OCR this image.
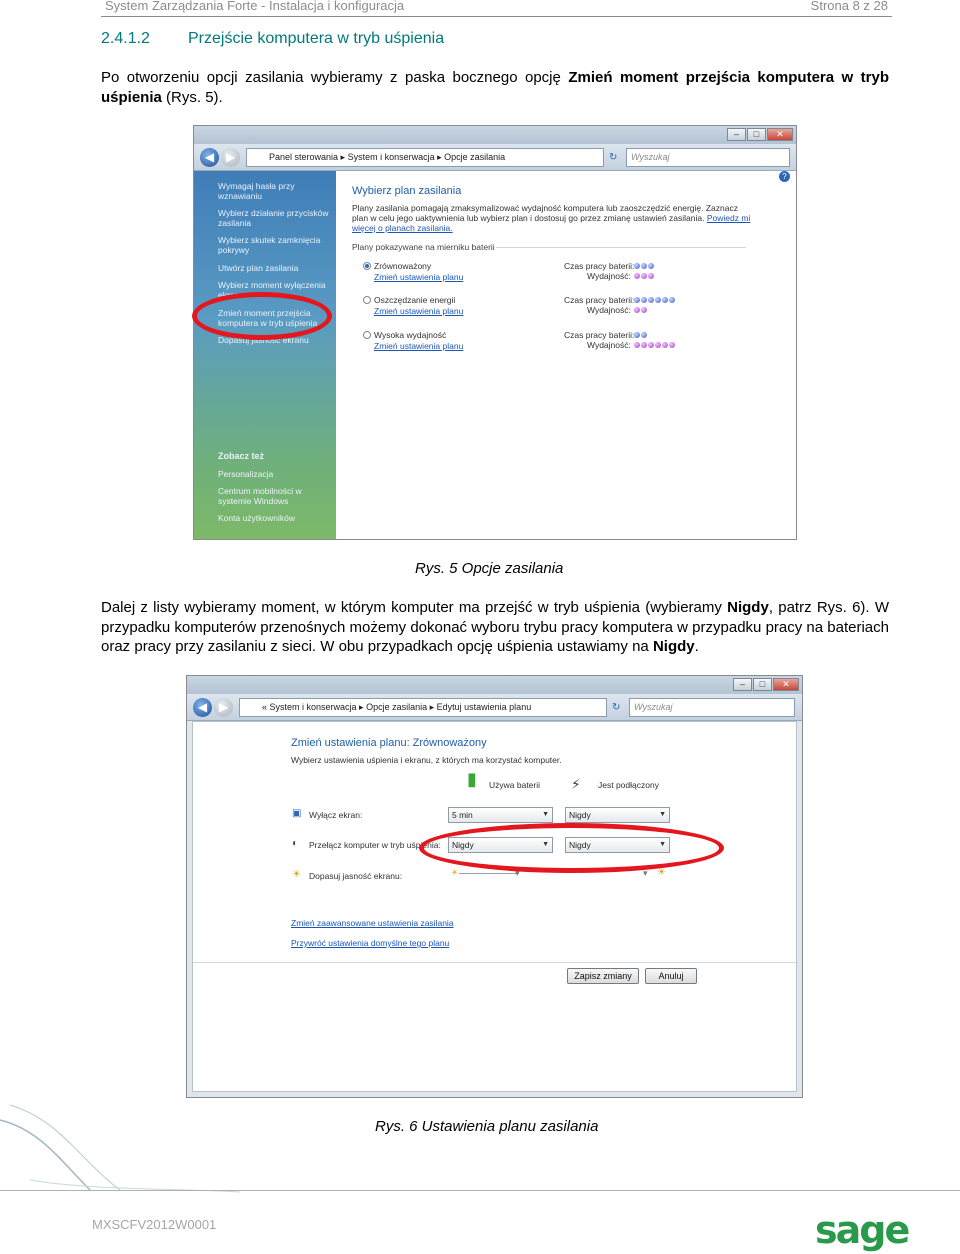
System Zarządzania Forte - Instalacja i konfiguracja	Strona 8 z 28
2.4.1.2 Przejście komputera w tryb uśpienia
Po otworzeniu opcji zasilania wybieramy z paska bocznego opcję Zmień moment przejścia komputera w tryb uśpienia (Rys. 5).
–	□	✕
◀ ▶	Panel sterowania ▸ System i konserwacja ▸ Opcje zasilania	↻	Wyszukaj
Wymagaj hasła przy wznawianiu
Wybierz działanie przycisków zasilania
Wybierz skutek zamknięcia pokrywy
Utwórz plan zasilania
Wybierz moment wyłączenia ekranu
Zmień moment przejścia komputera w tryb uśpienia
Dopasuj jasność ekranu
Zobacz też
Personalizacja
Centrum mobilności w systemie Windows
Konta użytkowników
?
Wybierz plan zasilania
Plany zasilania pomagają zmaksymalizować wydajność komputera lub zaoszczędzić energię. Zaznacz plan w celu jego uaktywnienia lub wybierz plan i dostosuj go przez zmianę ustawień zasilania. Powiedz mi więcej o planach zasilania.
Plany pokazywane na mierniku baterii
Zrównoważony
Zmień ustawienia planu
Czas pracy baterii:
Wydajność:
Oszczędzanie energii
Zmień ustawienia planu
Czas pracy baterii:
Wydajność:
Wysoka wydajność
Zmień ustawienia planu
Czas pracy baterii:
Wydajność:
Rys. 5 Opcje zasilania
Dalej z listy wybieramy moment, w którym komputer ma przejść w tryb uśpienia (wybieramy Nigdy, patrz Rys. 6). W przypadku komputerów przenośnych możemy dokonać wyboru trybu pracy komputera w przypadku pracy na bateriach oraz pracy przy zasilaniu z sieci. W obu przypadkach opcję uśpienia ustawiamy na Nigdy.
–	□	✕
◀ ▶	« System i konserwacja ▸ Opcje zasilania ▸ Edytuj ustawienia planu	↻	Wyszukaj
Zmień ustawienia planu: Zrównoważony
Wybierz ustawienia uśpienia i ekranu, z których ma korzystać komputer.
▮ Używa baterii ⚡ Jest podłączony
▣ Wyłącz ekran:	5 min ▼	Nigdy ▼
◐ Przełącz komputer w tryb uśpienia:	Nigdy ▼	Nigdy ▼
☀ Dopasuj jasność ekranu:	☀	▾	▾ ☀
Zmień zaawansowane ustawienia zasilania
Przywróć ustawienia domyślne tego planu
Zapisz zmiany	Anuluj
Rys. 6 Ustawienia planu zasilania
MXSCFV2012W0001	sage
